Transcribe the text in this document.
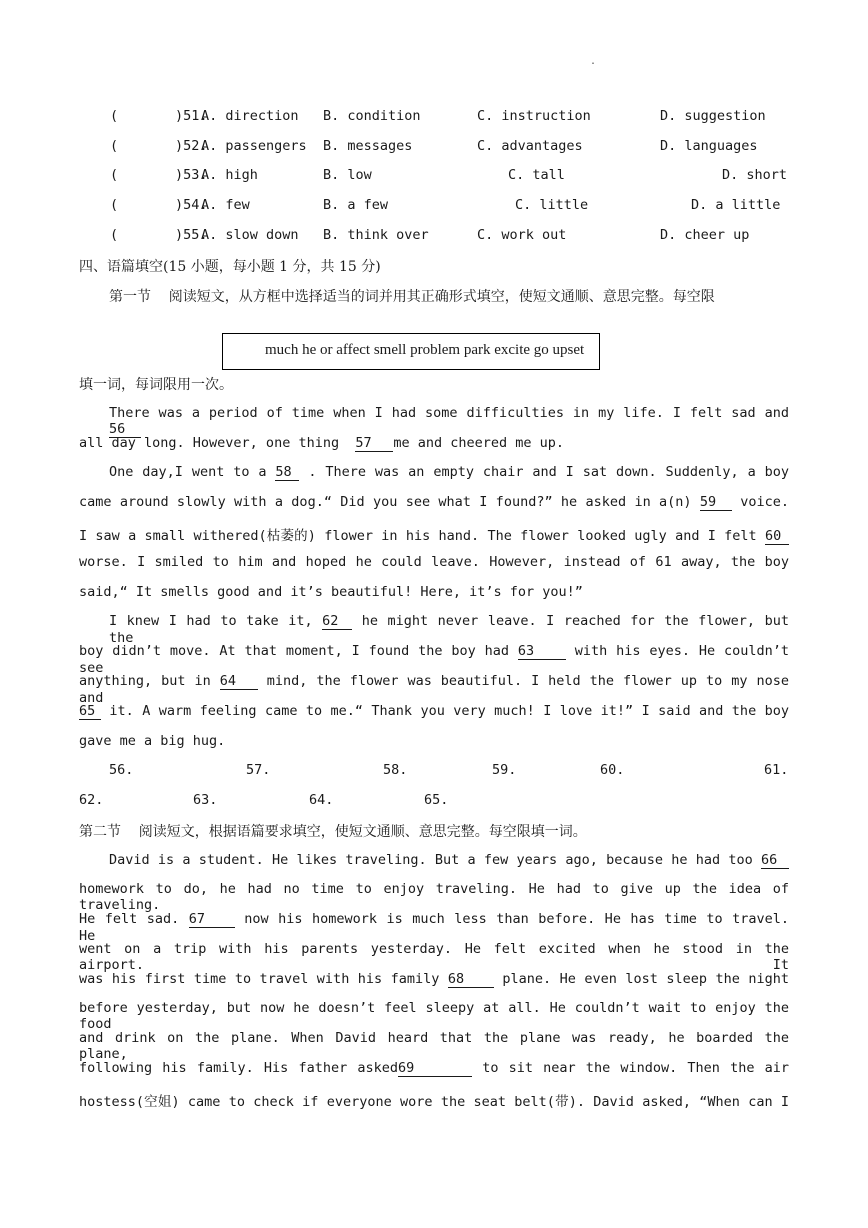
.
(       )51.
A. direction B. condition	C. instruction	D. suggestion
(       )52.
A. passengers B. messages	C. advantages	D. languages
(       )53.
A. high	B. low	C. tall	D. short
(       )54.
A. few	B. a few	C. little	D. a little
(       )55.
A. slow down B. think over	C. work out	D. cheer up
四、语篇填空(15 小题，每小题 1 分，共 15 分)
第一节    阅读短文，从方框中选择适当的词并用其正确形式填空，使短文通顺、意思完整。每空限
much he or affect smell problem park excite go upset
填一词，每词限用一次。
There was a period of time when I had some difficulties in my life. I felt sad and 56
all day long. However, one thing 57 me and cheered me up.
One day,I went to a 58 . There was an empty chair and I sat down. Suddenly, a boy
came around slowly with a dog.“ Did you see what I found?” he asked in a(n) 59 voice.
I saw a small withered(枯萎的) flower in his hand. The flower looked ugly and I felt 60
worse. I smiled to him and hoped he could leave. However, instead of 61 away, the boy
said,“ It smells good and it’s beautiful! Here, it’s for you!”
I knew I had to take it, 62 he might never leave. I reached for the flower, but the
boy didn’t move. At that moment, I found the boy had 63	with his eyes. He couldn’t see
anything, but in 64 mind, the flower was beautiful. I held the flower up to my nose and
65 it. A warm feeling came to me.“ Thank you very much! I love it!” I said and the boy
gave me a big hug.
56.	57.	58.	59.	60.	61.
62.	63.	64.	65.
第二节    阅读短文，根据语篇要求填空，使短文通顺、意思完整。每空限填一词。
David is a student. He likes traveling. But a few years ago, because he had too 66
homework to do, he had no time to enjoy traveling. He had to give up the idea of traveling.
He felt sad. 67	now his homework is much less than before. He has time to travel. He
went on a trip with his parents yesterday. He felt excited when he stood in the airport. It
was his first time to travel with his family 68	plane. He even lost sleep the night
before yesterday, but now he doesn’t feel sleepy at all. He couldn’t wait to enjoy the food
and drink on the plane. When David heard that the plane was ready, he boarded the plane,
following his family. His father asked69	to sit near the window. Then the air
hostess(空姐) came to check if everyone wore the seat belt(带). David asked, “When can I
